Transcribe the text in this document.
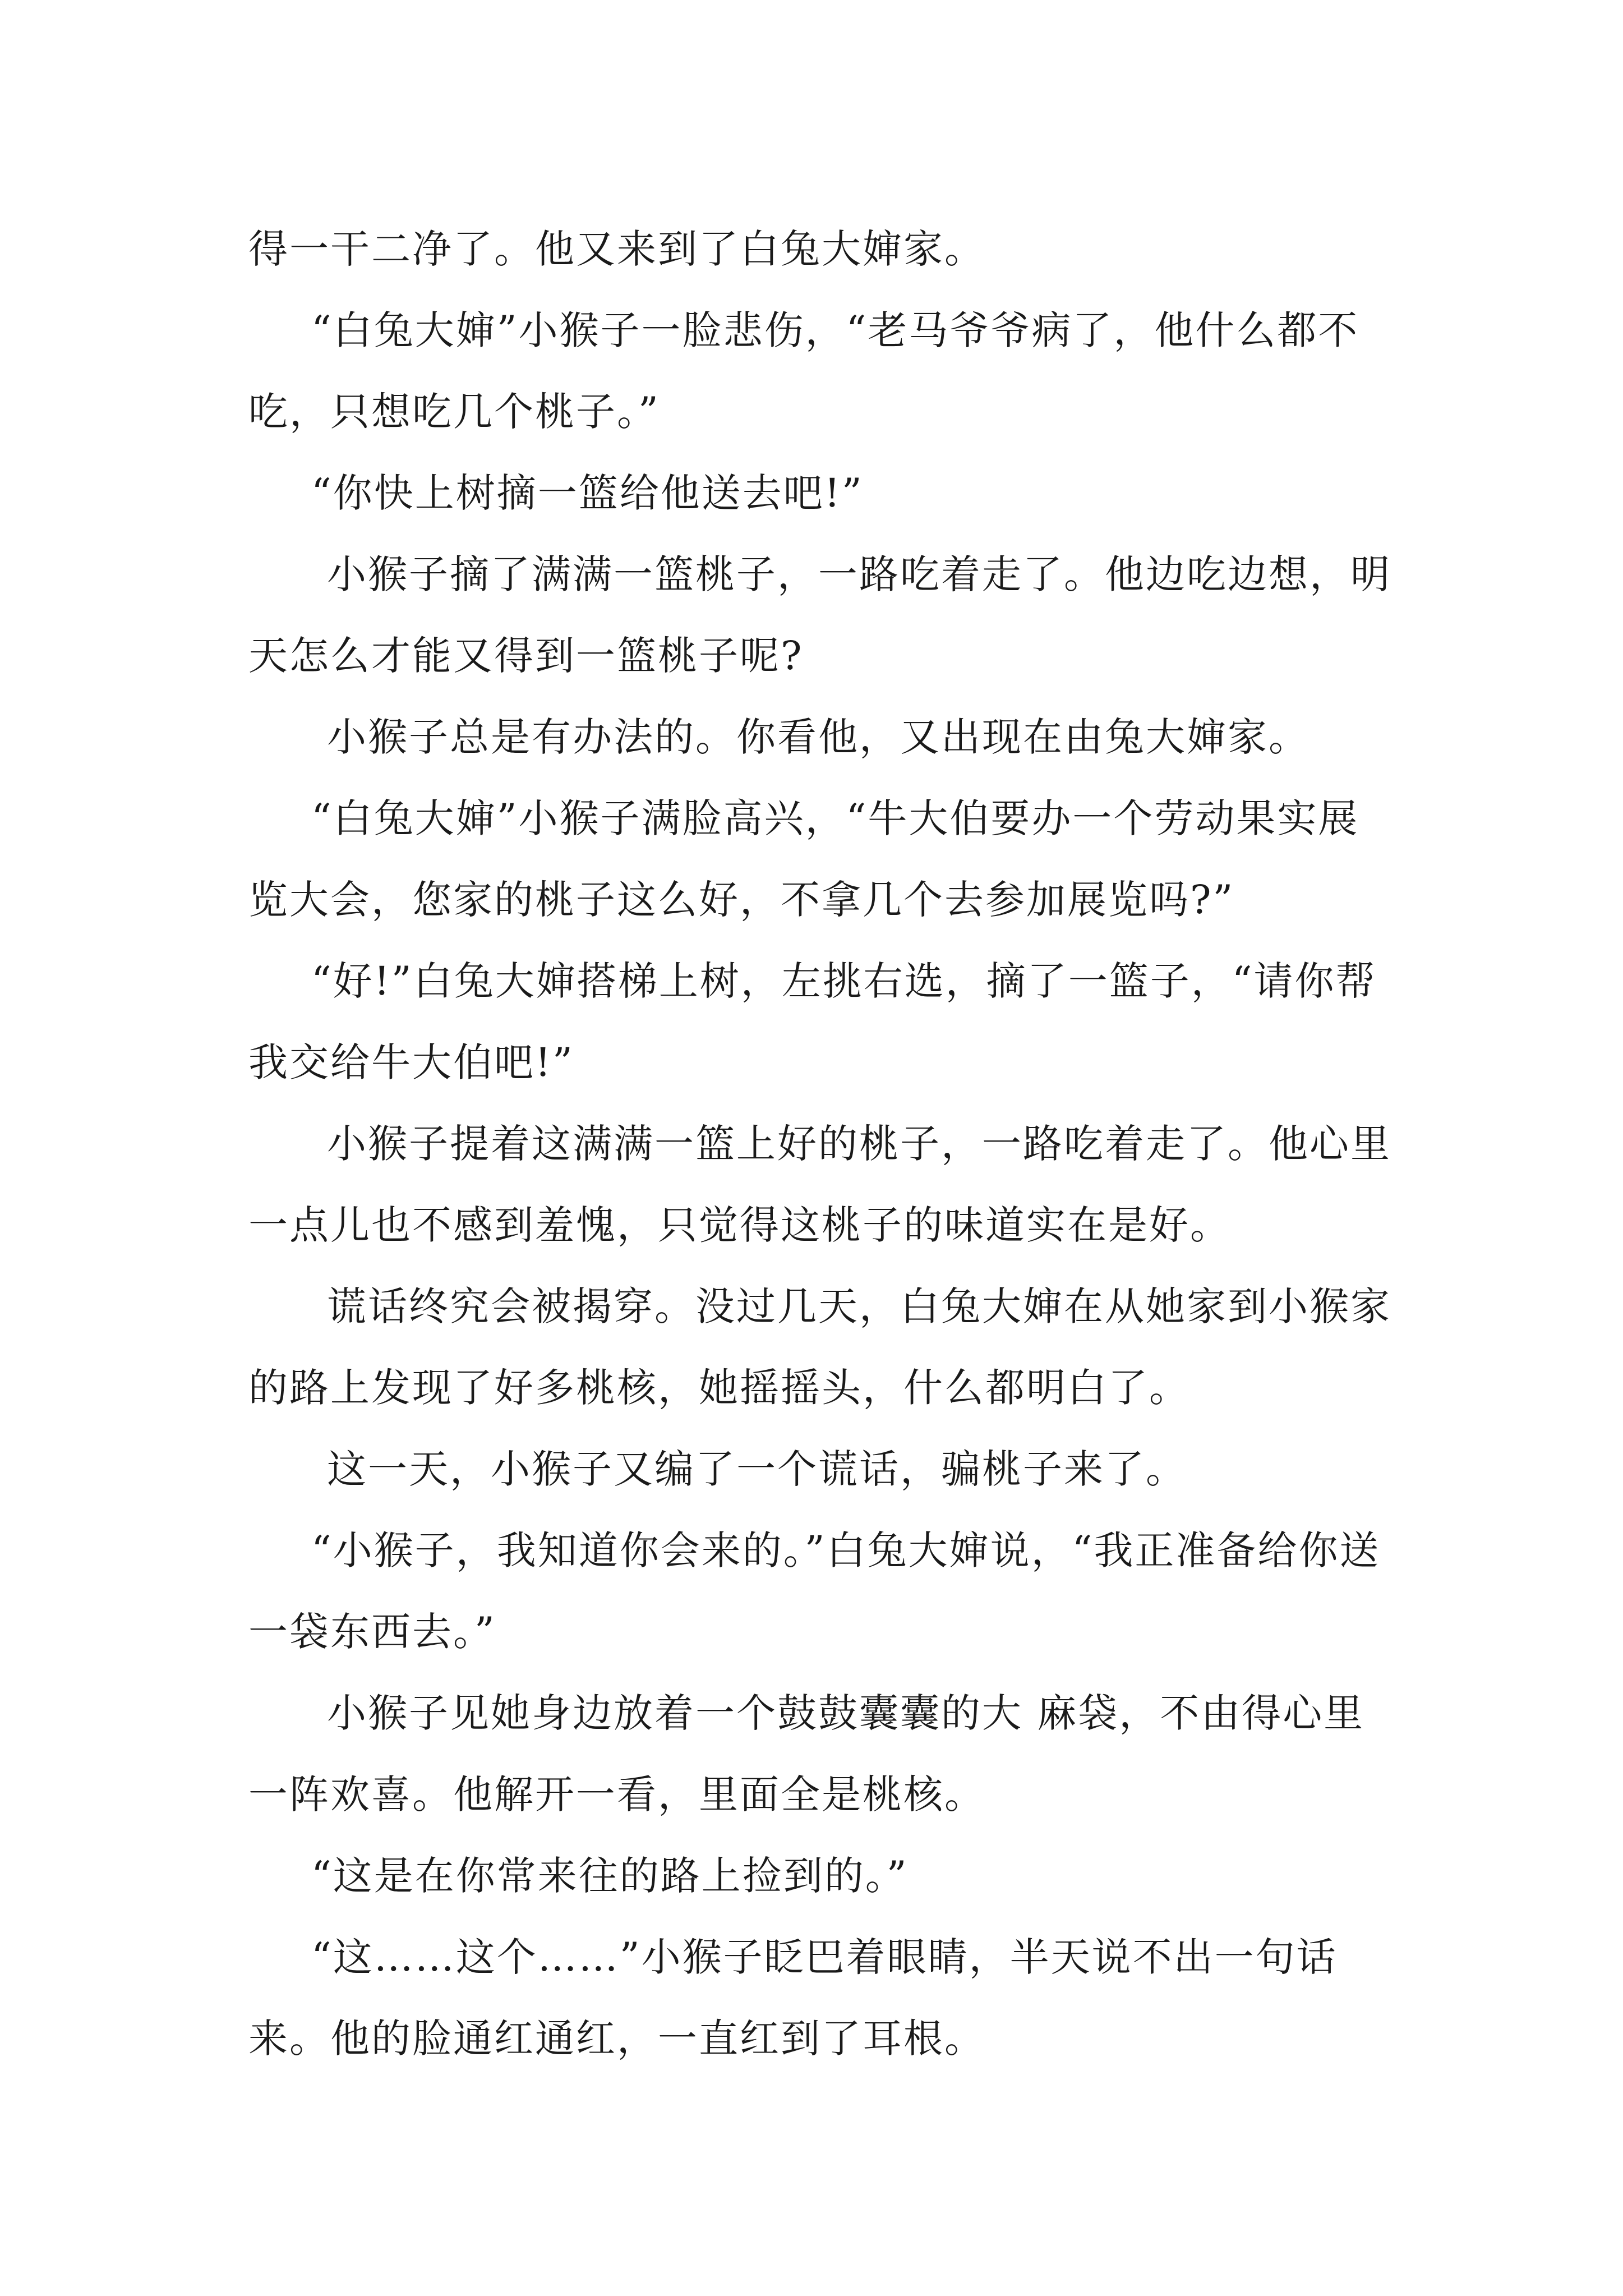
得一干二净了。他又来到了白兔大婶家。

“白兔大婶”小猴子一脸悲伤，“老马爷爷病了，他什么都不吃，只想吃几个桃子。”

“你快上树摘一篮给他送去吧!”

小猴子摘了满满一篮桃子，一路吃着走了。他边吃边想，明天怎么才能又得到一篮桃子呢?

小猴子总是有办法的。你看他，又出现在由兔大婶家。

“白兔大婶”小猴子满脸高兴，“牛大伯要办一个劳动果实展览大会，您家的桃子这么好，不拿几个去参加展览吗?”

“好!”白兔大婶搭梯上树，左挑右选，摘了一篮子，“请你帮我交给牛大伯吧!”

小猴子提着这满满一篮上好的桃子，一路吃着走了。他心里一点儿也不感到羞愧，只觉得这桃子的味道实在是好。

谎话终究会被揭穿。没过几天，白兔大婶在从她家到小猴家的路上发现了好多桃核，她摇摇头，什么都明白了。

这一天，小猴子又编了一个谎话，骗桃子来了。

“小猴子，我知道你会来的。”白兔大婶说，“我正准备给你送一袋东西去。”

小猴子见她身边放着一个鼓鼓囊囊的大 麻袋，不由得心里一阵欢喜。他解开一看，里面全是桃核。

“这是在你常来往的路上捡到的。”

“这……这个……”小猴子眨巴着眼睛，半天说不出一句话来。他的脸通红通红，一直红到了耳根。
